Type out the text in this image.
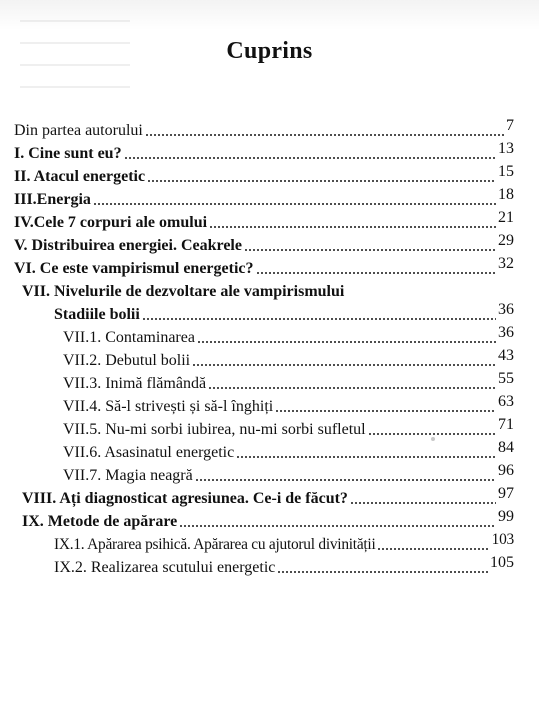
Cuprins
Din partea autorului	7
I. Cine sunt eu?	13
II. Atacul energetic	15
III.Energia	18
IV.Cele 7 corpuri ale omului	21
V. Distribuirea energiei. Ceakrele	29
VI. Ce este vampirismul energetic?	32
VII. Nivelurile de dezvoltare ale vampirismului
Stadiile bolii	36
VII.1. Contaminarea	36
VII.2. Debutul bolii	43
VII.3. Inimă flămândă	55
VII.4. Să-l strivești și să-l înghiți	63
VII.5. Nu-mi sorbi iubirea, nu-mi sorbi sufletul	71
VII.6. Asasinatul energetic	84
VII.7. Magia neagră	96
VIII. Ați diagnosticat agresiunea. Ce-i de făcut?	97
IX. Metode de apărare	99
IX.1. Apărarea psihică. Apărarea cu ajutorul divinității	103
IX.2. Realizarea scutului energetic	105
